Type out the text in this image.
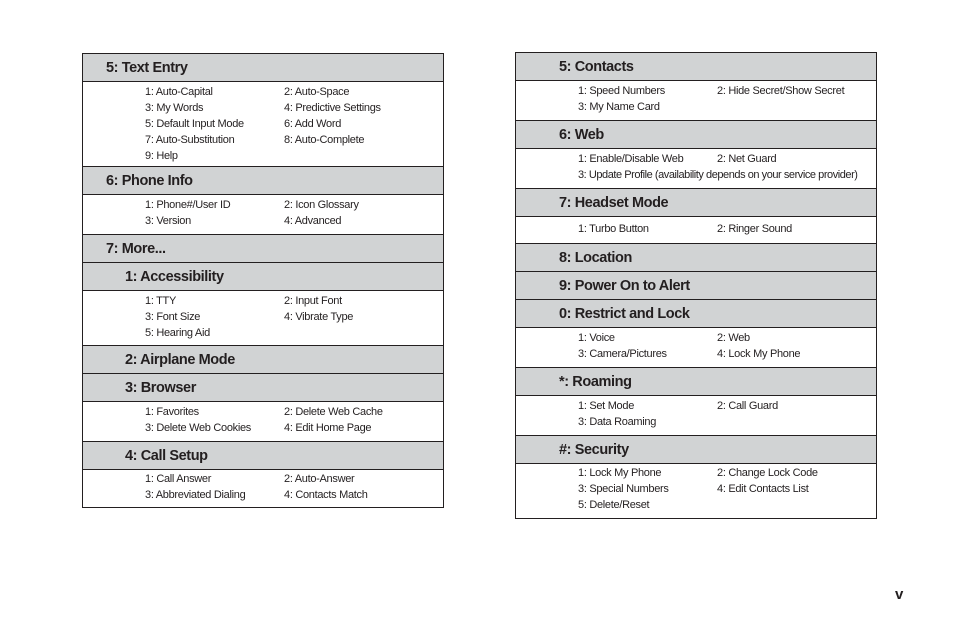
5: Text Entry
1: Auto-Capital	2: Auto-Space
3: My Words	4: Predictive Settings
5: Default Input Mode	6: Add Word
7: Auto-Substitution	8: Auto-Complete
9: Help
6: Phone Info
1: Phone#/User ID	2: Icon Glossary
3: Version	4: Advanced
7: More...
1: Accessibility
1: TTY	2: Input Font
3: Font Size	4: Vibrate Type
5: Hearing Aid
2: Airplane Mode
3: Browser
1: Favorites	2: Delete Web Cache
3: Delete Web Cookies	4: Edit Home Page
4: Call Setup
1: Call Answer	2: Auto-Answer
3: Abbreviated Dialing	4: Contacts Match
5: Contacts
1: Speed Numbers	2: Hide Secret/Show Secret
3: My Name Card
6: Web
1: Enable/Disable Web	2: Net Guard
3: Update Profile (availability depends on your service provider)
7: Headset Mode
1: Turbo Button	2: Ringer Sound
8: Location
9: Power On to Alert
0: Restrict and Lock
1: Voice	2: Web
3: Camera/Pictures	4: Lock My Phone
*: Roaming
1: Set Mode	2: Call Guard
3: Data Roaming
#: Security
1: Lock My Phone	2: Change Lock Code
3: Special Numbers	4: Edit Contacts List
5: Delete/Reset
v
